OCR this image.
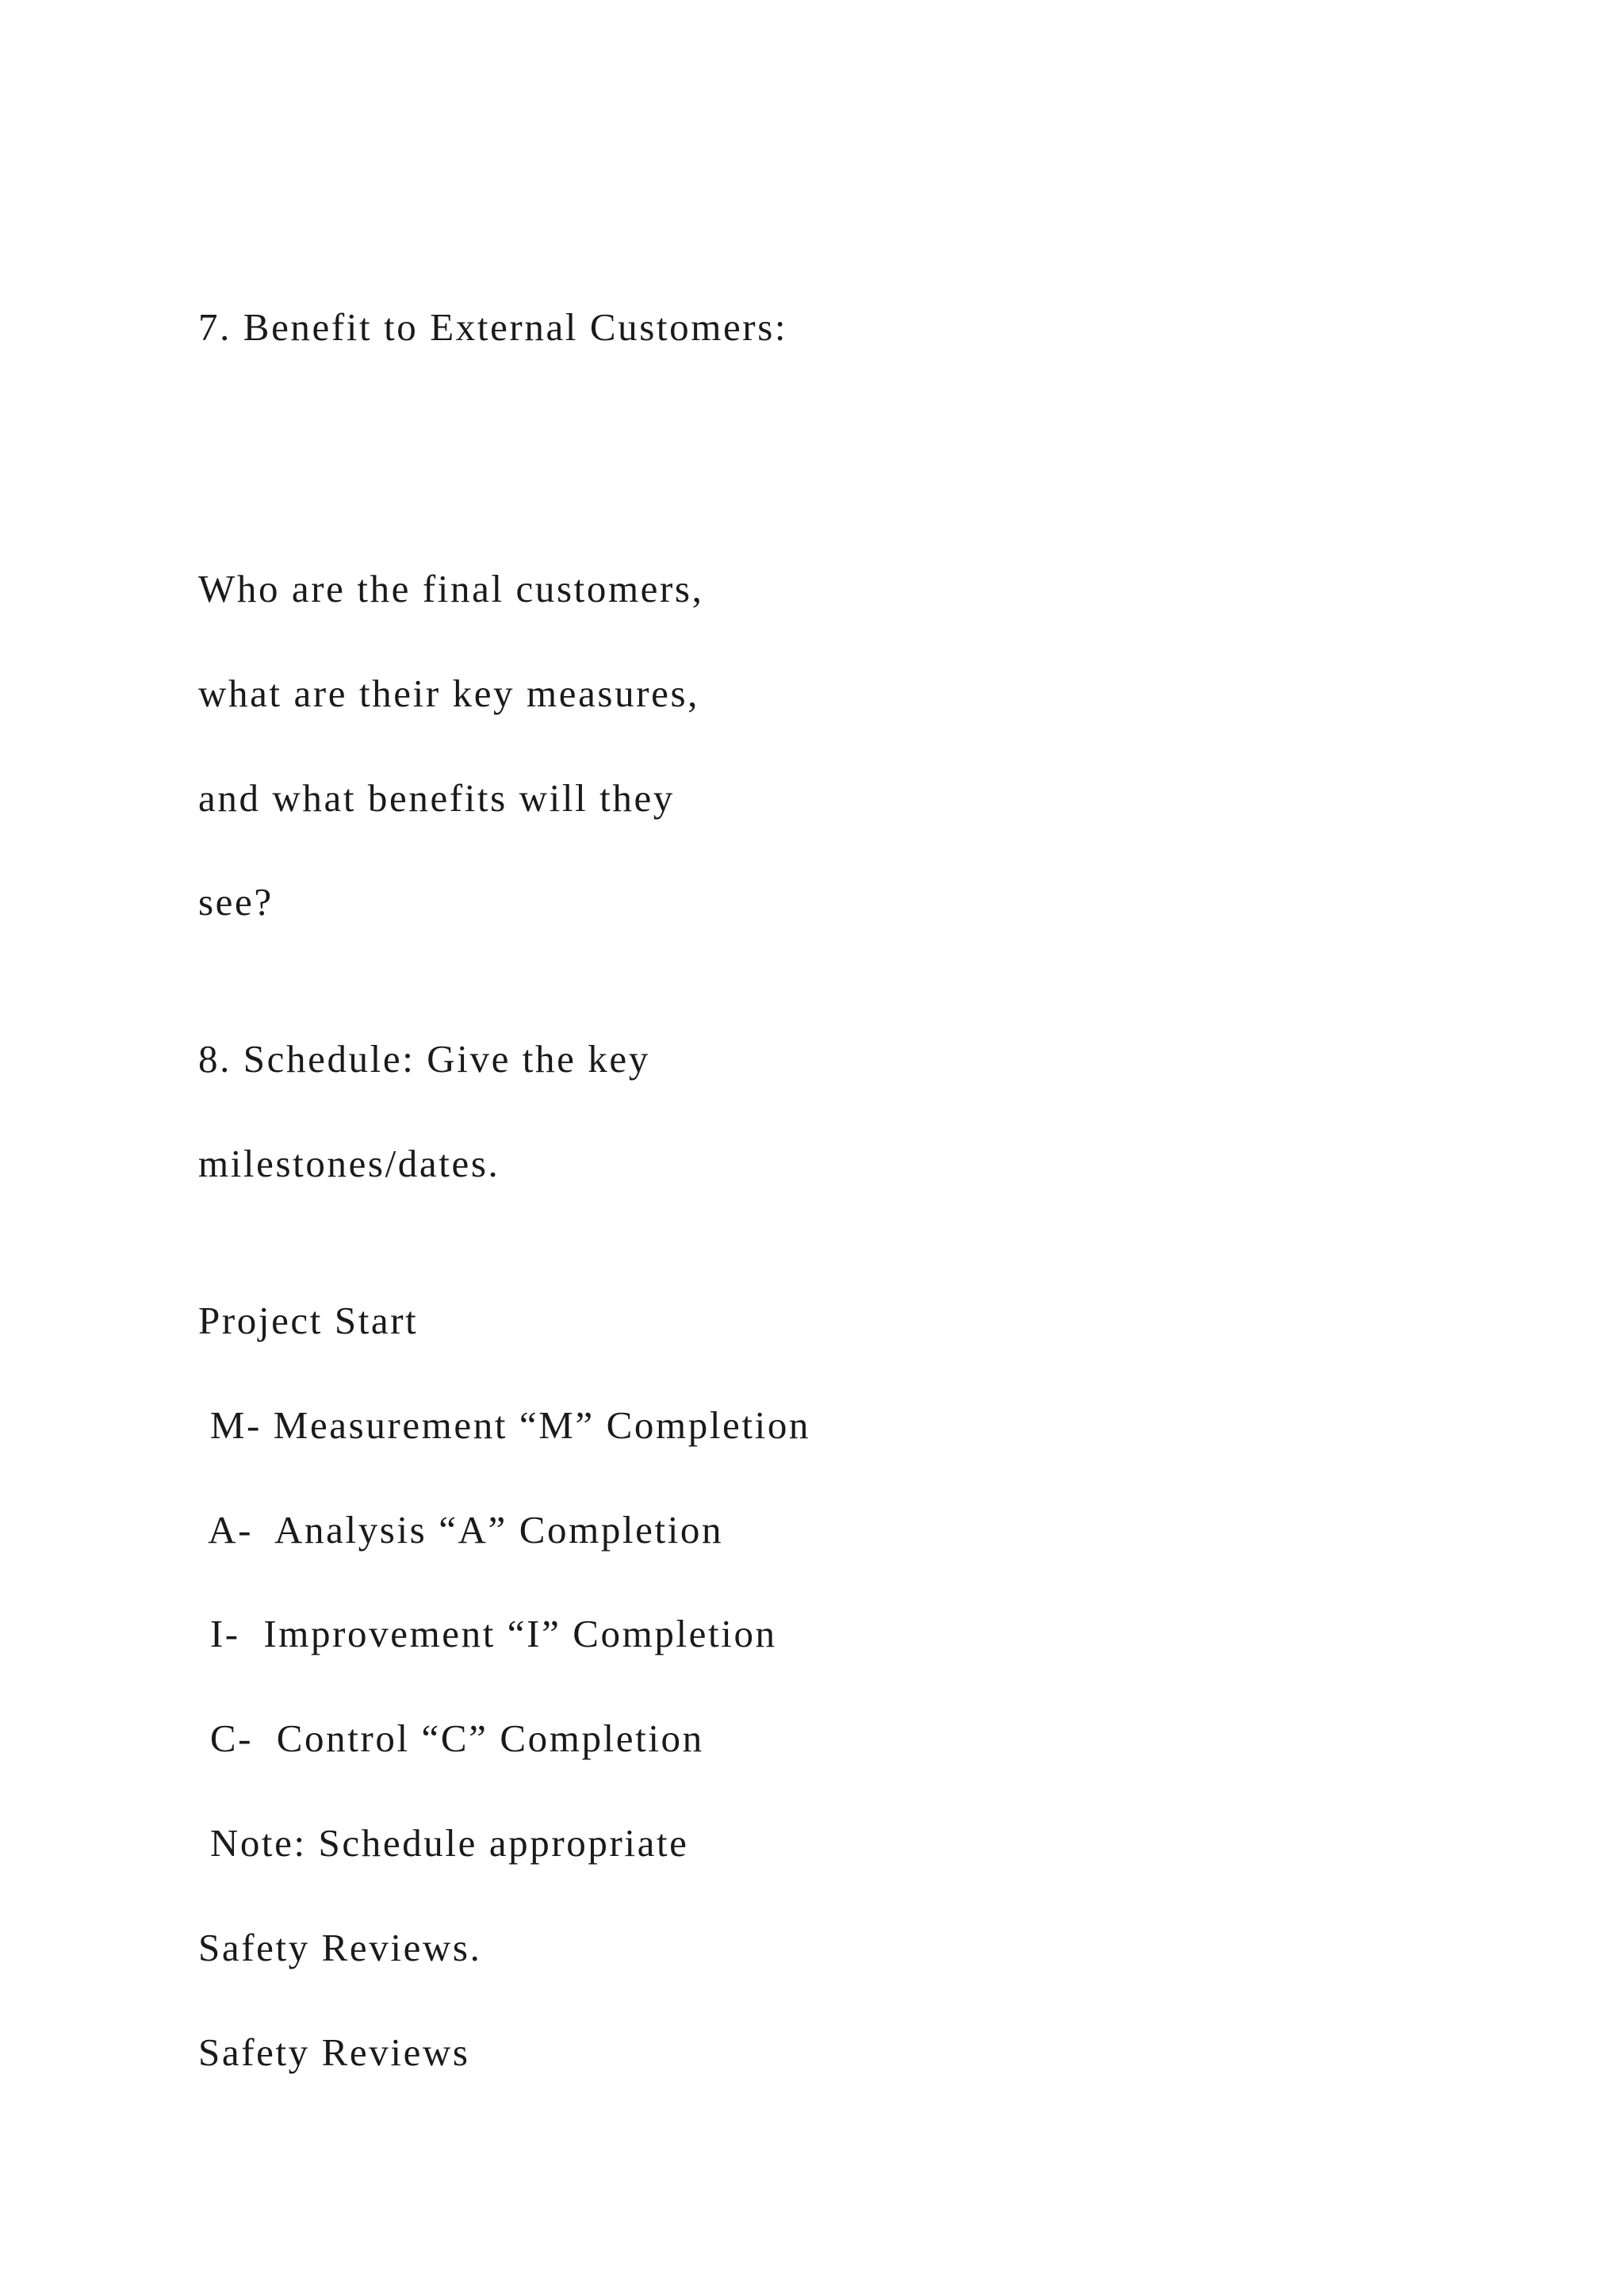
7. Benefit to External Customers:

Who are the final customers,

what are their key measures,

and what benefits will they

see?

8. Schedule: Give the key

milestones/dates.

Project Start

M- Measurement “M” Completion

A-  Analysis “A” Completion

I-  Improvement “I” Completion

C-  Control “C” Completion

Note: Schedule appropriate

Safety Reviews.

Safety Reviews
